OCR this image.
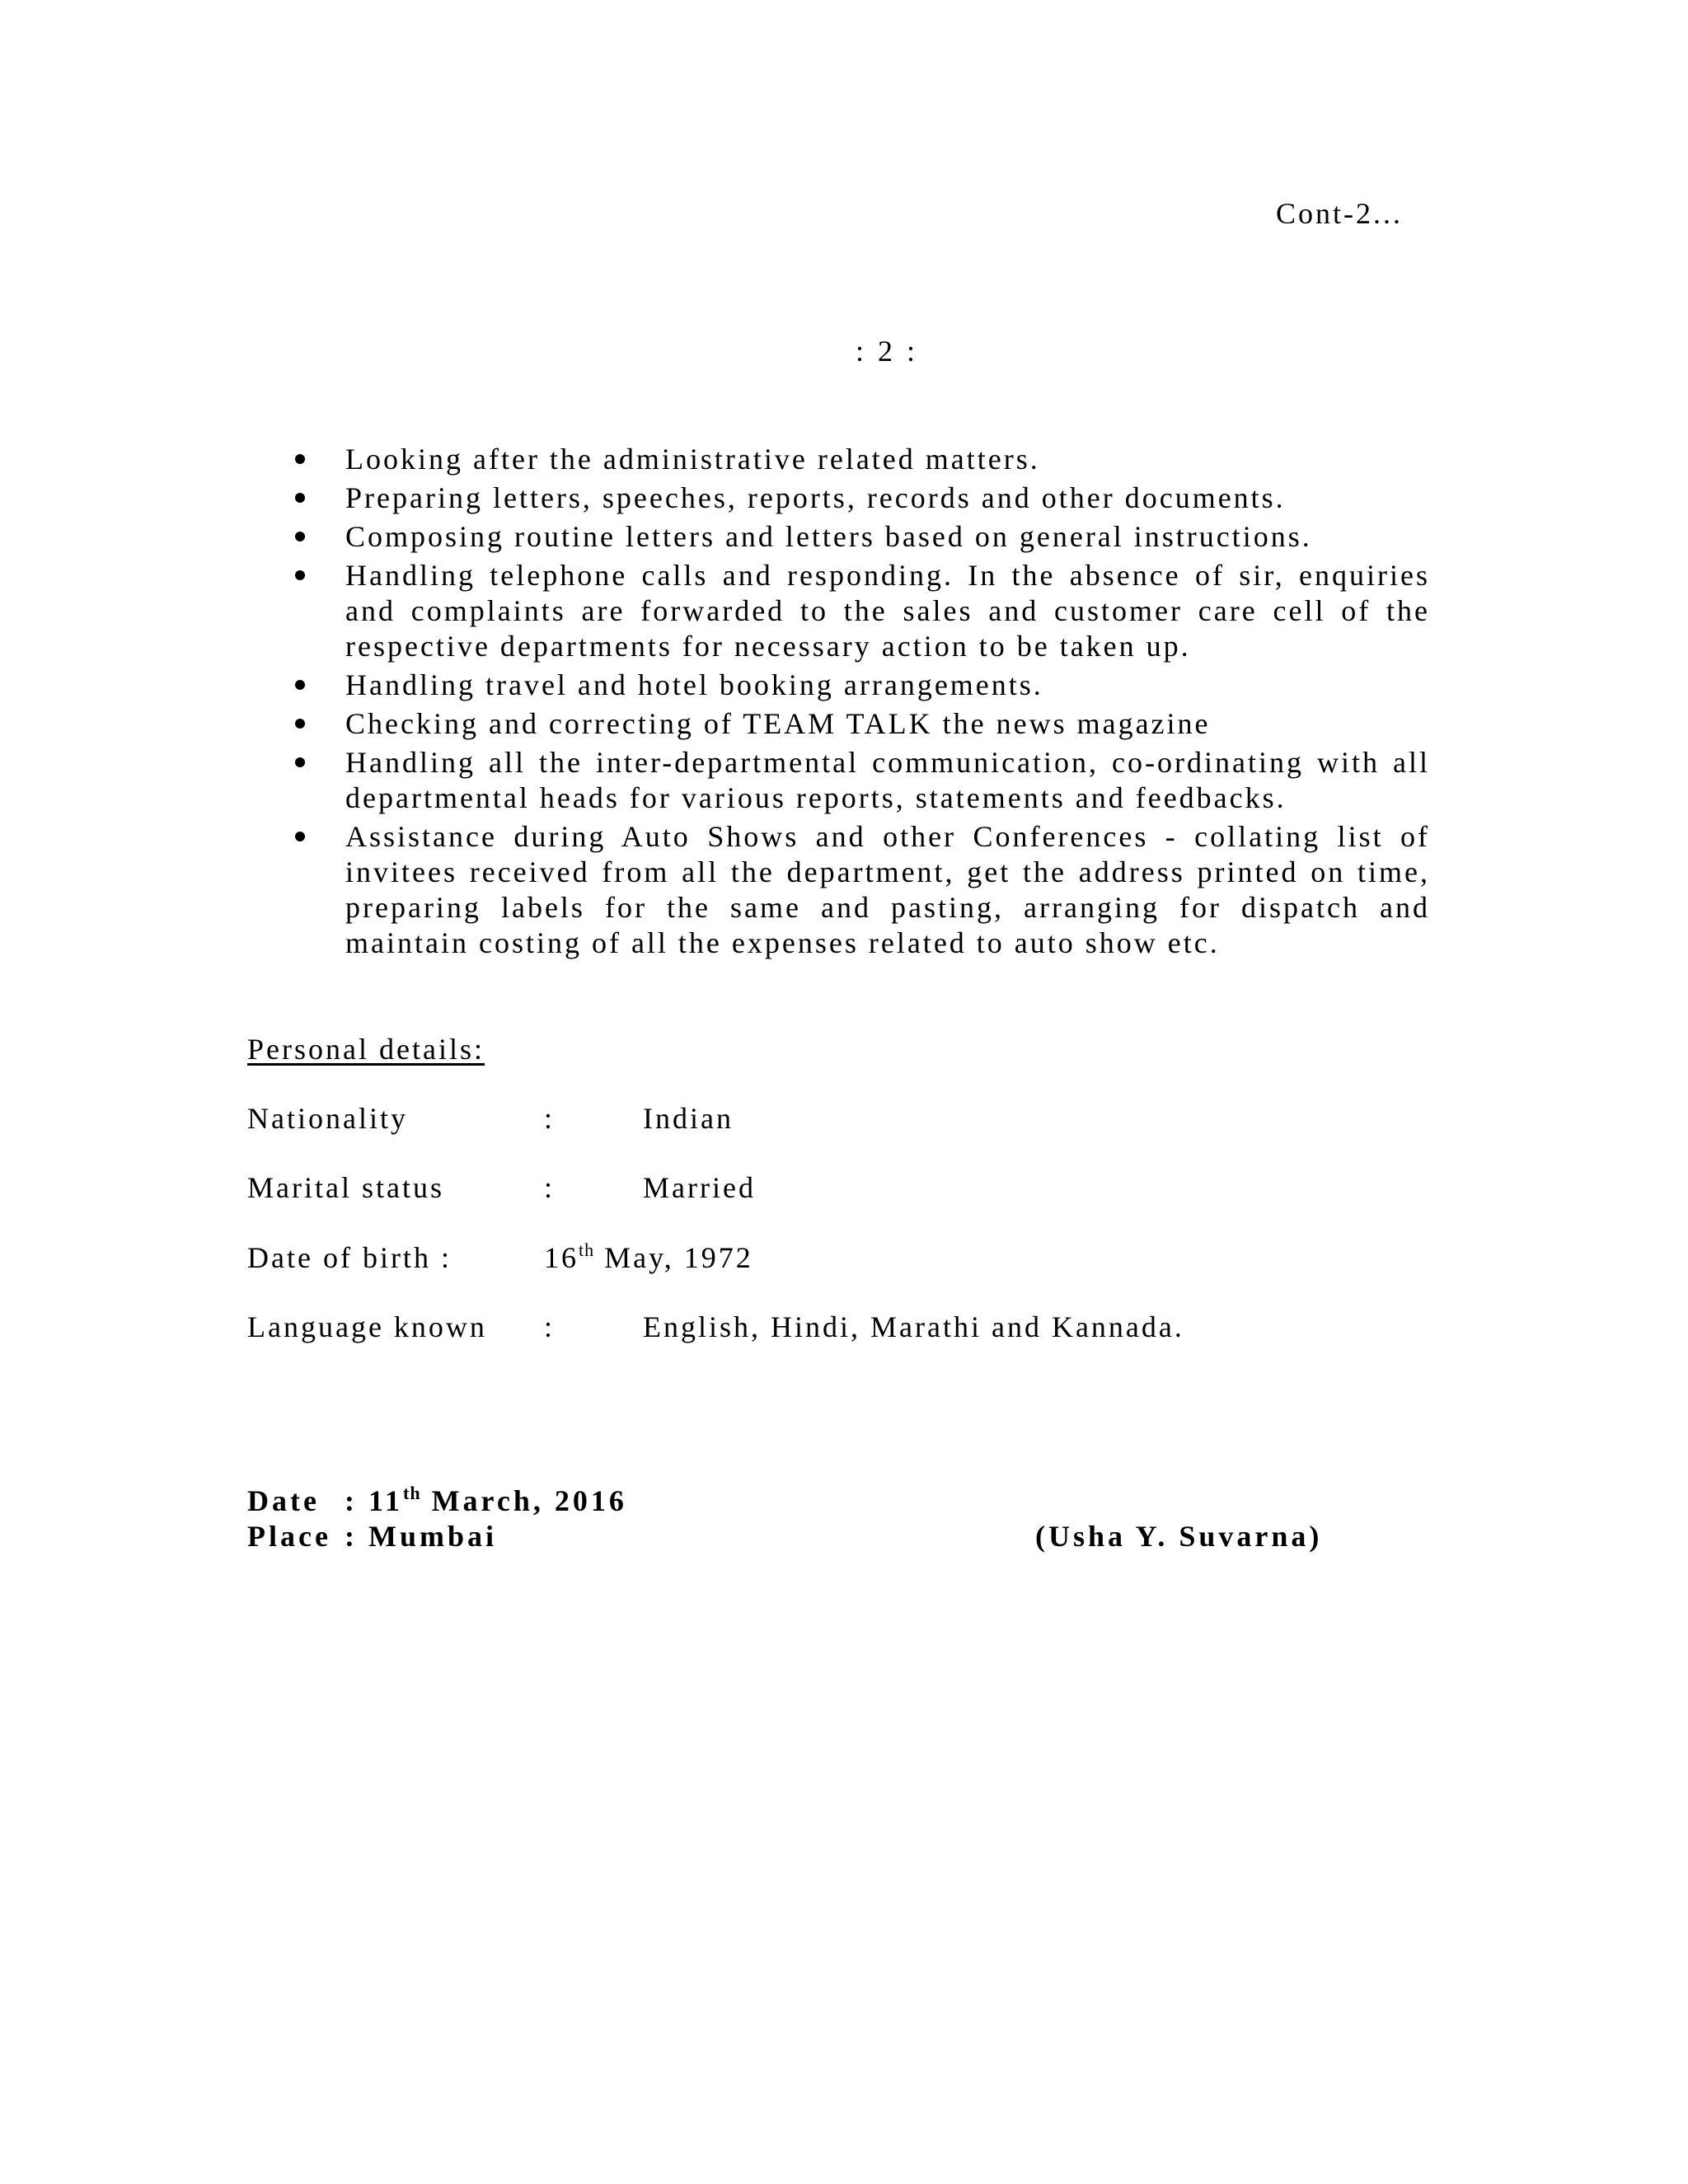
Cont-2...
: 2 :
Looking after the administrative related matters.
Preparing letters, speeches, reports, records and other documents.
Composing routine letters and letters based on general instructions.
Handling telephone calls and responding. In the absence of sir, enquiries and complaints are forwarded to the sales and customer care cell of the respective departments for necessary action to be taken up.
Handling travel and hotel booking arrangements.
Checking and correcting of TEAM TALK the news magazine
Handling all the inter-departmental communication, co-ordinating with all departmental heads for various reports, statements and feedbacks.
Assistance during Auto Shows and other Conferences - collating list of invitees received from all the department, get the address printed on time, preparing labels for the same and pasting, arranging for dispatch and maintain costing of all the expenses related to auto show etc.
Personal details:
Nationality	:	Indian
Marital status	:	Married
Date of birth :	16th May, 1972
Language known :	English, Hindi, Marathi and Kannada.
Date : 11th March, 2016
Place : Mumbai	(Usha Y. Suvarna)
